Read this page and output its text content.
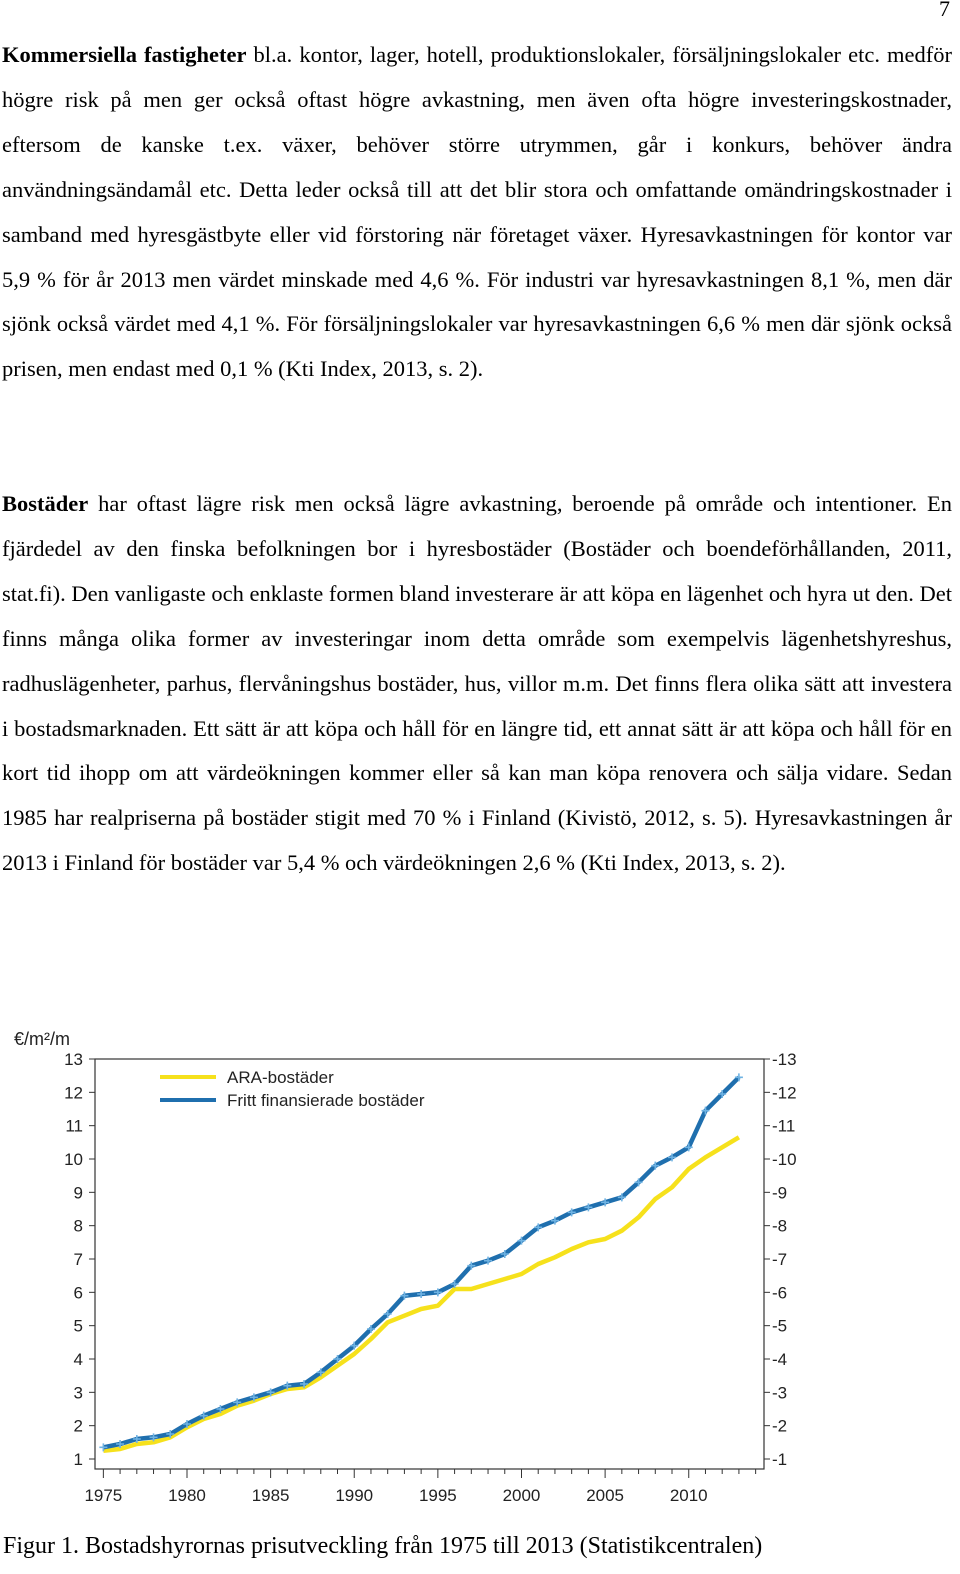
7

Kommersiella fastigheter bl.a. kontor, lager, hotell, produktionslokaler, försäljningslokaler etc. medför högre risk på men ger också oftast högre avkastning, men även ofta högre investeringskostnader, eftersom de kanske t.ex. växer, behöver större utrymmen, går i konkurs, behöver ändra användningsändamål etc. Detta leder också till att det blir stora och omfattande omändringskostnader i samband med hyresgästbyte eller vid förstoring när företaget växer. Hyresavkastningen för kontor var 5,9 % för år 2013 men värdet minskade med 4,6 %. För industri var hyresavkastningen 8,1 %, men där sjönk också värdet med 4,1 %. För försäljningslokaler var hyresavkastningen 6,6 % men där sjönk också prisen, men endast med 0,1 % (Kti Index, 2013, s. 2).

Bostäder har oftast lägre risk men också lägre avkastning, beroende på område och intentioner. En fjärdedel av den finska befolkningen bor i hyresbostäder (Bostäder och boendeförhållanden, 2011, stat.fi). Den vanligaste och enklaste formen bland investerare är att köpa en lägenhet och hyra ut den. Det finns många olika former av investeringar inom detta område som exempelvis lägenhetshyreshus, radhuslägenheter, parhus, flervåningshus bostäder, hus, villor m.m. Det finns flera olika sätt att investera i bostadsmarknaden. Ett sätt är att köpa och håll för en längre tid, ett annat sätt är att köpa och håll för en kort tid ihopp om att värdeökningen kommer eller så kan man köpa renovera och sälja vidare. Sedan 1985 har realpriserna på bostäder stigit med 70 % i Finland (Kivistö, 2012, s. 5). Hyresavkastningen år 2013 i Finland för bostäder var 5,4 % och värdeökningen 2,6 % (Kti Index, 2013, s. 2).

€/m²/m
1
2
3
4
5
6
7
8
9
10
11
12
13
-1
-2
-3
-4
-5
-6
-7
-8
-9
-10
-11
-12
-13
1975	1980	1985	1990	1995	2000	2005	2010
ARA-bostäder
Fritt finansierade bostäder
Figur 1. Bostadshyrornas prisutveckling från 1975 till 2013 (Statistikcentralen)
